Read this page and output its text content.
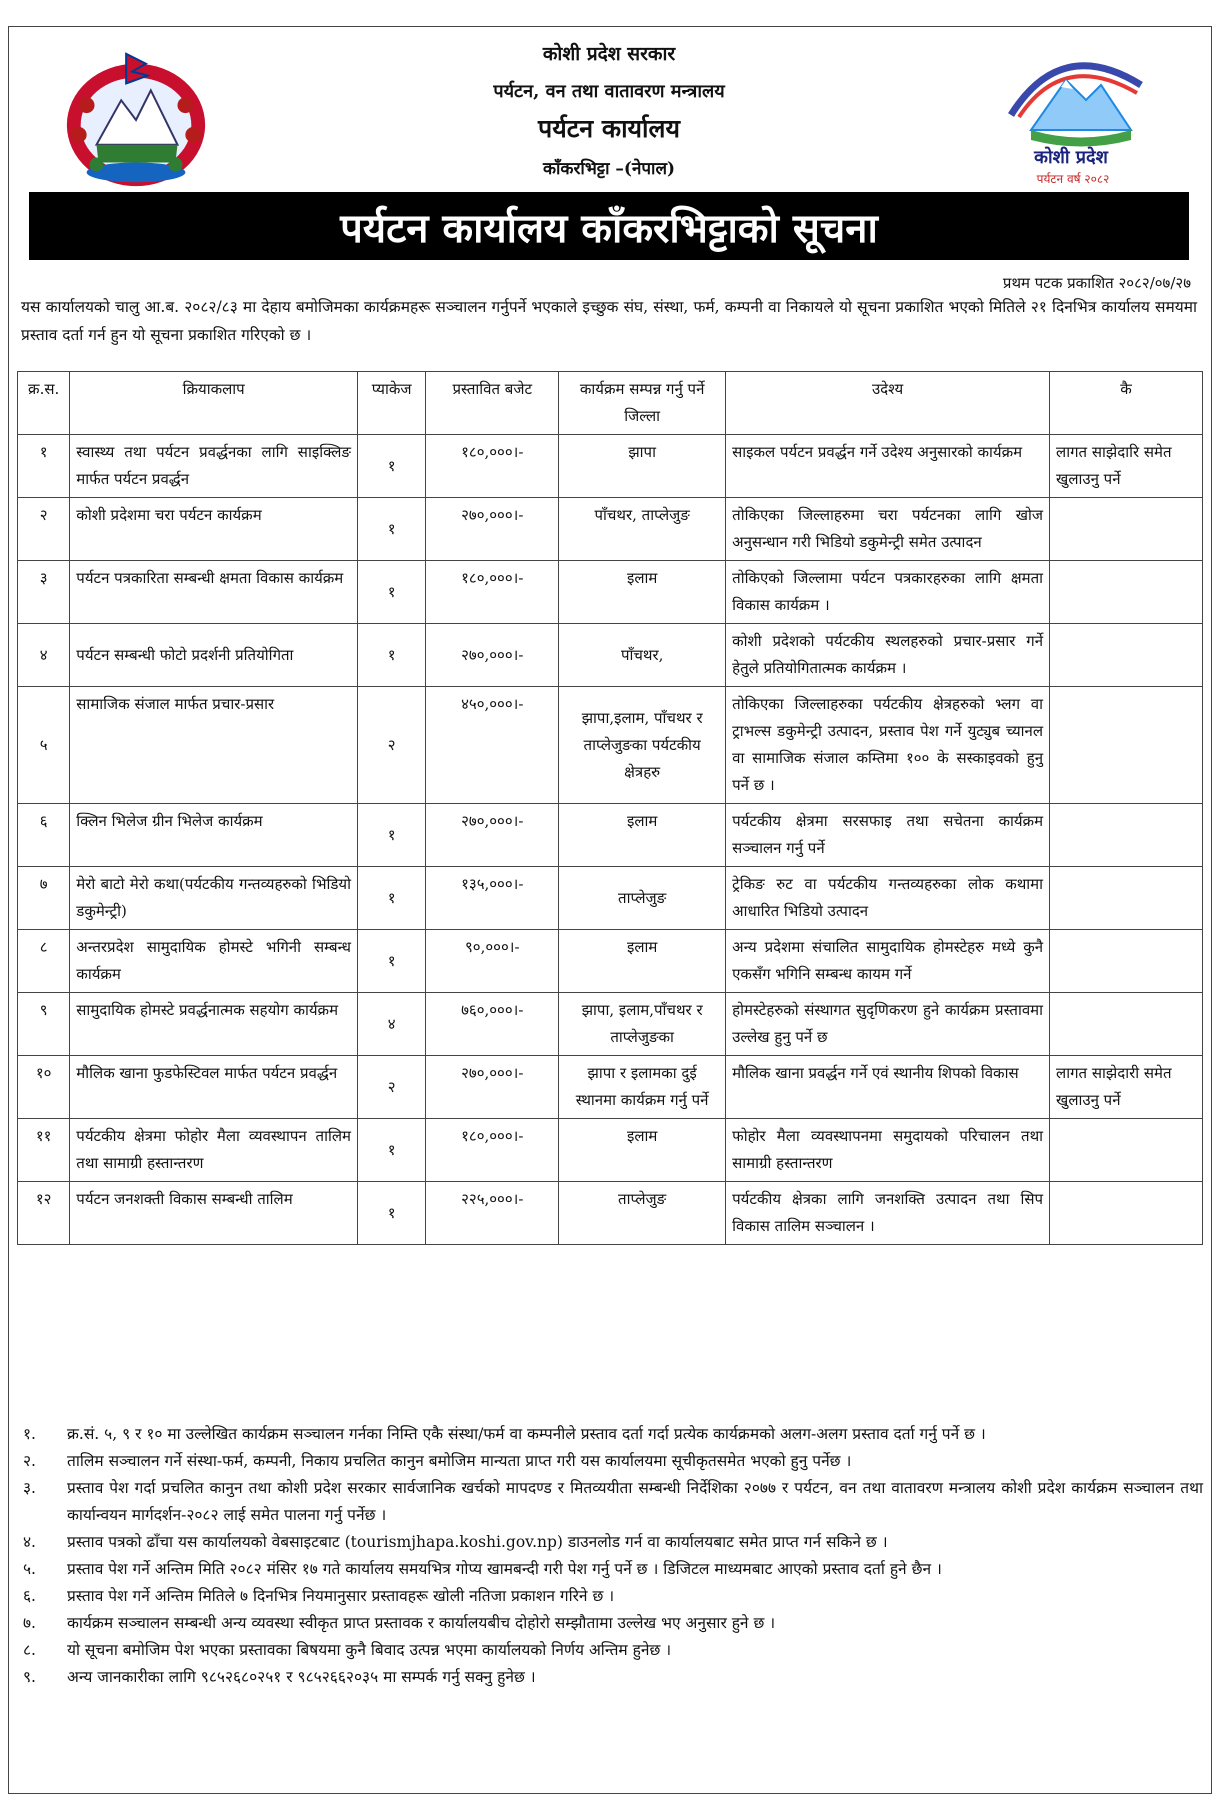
कोशी प्रदेश सरकार
पर्यटन, वन तथा वातावरण मन्त्रालय
पर्यटन कार्यालय
काँकरभिट्टा –(नेपाल)
कोशी प्रदेश
पर्यटन वर्ष २०८२
पर्यटन कार्यालय काँकरभिट्टाको सूचना
प्रथम पटक प्रकाशित २०८२/०७/२७
यस कार्यालयको चालु आ.ब. २०८२/८३ मा देहाय बमोजिमका कार्यक्रमहरू सञ्चालन गर्नुपर्ने भएकाले इच्छुक संघ, संस्था, फर्म, कम्पनी वा निकायले यो सूचना प्रकाशित भएको मितिले २१ दिनभित्र कार्यालय समयमा प्रस्ताव दर्ता गर्न हुन यो सूचना प्रकाशित गरिएको छ ।
क्र.स.	क्रियाकलाप	प्याकेज	प्रस्तावित बजेट	कार्यक्रम सम्पन्न गर्नु पर्ने जिल्ला	उदेश्य	कै
१	स्वास्थ्य तथा पर्यटन प्रवर्द्धनका लागि साइक्लिङ मार्फत पर्यटन प्रवर्द्धन	१	१८०,०००।-	झापा	साइकल पर्यटन प्रवर्द्धन गर्ने उदेश्य अनुसारको कार्यक्रम	लागत साझेदारि समेत खुलाउनु पर्ने
२	कोशी प्रदेशमा चरा पर्यटन कार्यक्रम	१	२७०,०००।-	पाँचथर, ताप्लेजुङ	तोकिएका जिल्लाहरुमा चरा पर्यटनका लागि खोज अनुसन्धान गरी भिडियो डकुमेन्ट्री समेत उत्पादन	
३	पर्यटन पत्रकारिता सम्बन्धी क्षमता विकास कार्यक्रम	१	१८०,०००।-	इलाम	तोकिएको जिल्लामा पर्यटन पत्रकारहरुका लागि क्षमता विकास कार्यक्रम ।	
४	पर्यटन सम्बन्धी फोटो प्रदर्शनी प्रतियोगिता	१	२७०,०००।-	पाँचथर,	कोशी प्रदेशको पर्यटकीय स्थलहरुको प्रचार-प्रसार गर्ने हेतुले प्रतियोगितात्मक कार्यक्रम ।	
५	सामाजिक संजाल मार्फत प्रचार-प्रसार	२	४५०,०००।-	झापा,इलाम, पाँचथर र ताप्लेजुङका पर्यटकीय क्षेत्रहरु	तोकिएका जिल्लाहरुका पर्यटकीय क्षेत्रहरुको भ्लग वा ट्राभल्स डकुमेन्ट्री उत्पादन, प्रस्ताव पेश गर्ने युट्युब च्यानल वा सामाजिक संजाल कम्तिमा १०० के सस्काइवको हुनु पर्ने छ ।	
६	क्लिन भिलेज ग्रीन भिलेज कार्यक्रम	१	२७०,०००।-	इलाम	पर्यटकीय क्षेत्रमा सरसफाइ तथा सचेतना कार्यक्रम सञ्चालन गर्नु पर्ने	
७	मेरो बाटो मेरो कथा(पर्यटकीय गन्तव्यहरुको भिडियो डकुमेन्ट्री)	१	१३५,०००।-	ताप्लेजुङ	ट्रेकिङ रुट वा पर्यटकीय गन्तव्यहरुका लोक कथामा आधारित भिडियो उत्पादन	
८	अन्तरप्रदेश सामुदायिक होमस्टे भगिनी सम्बन्ध कार्यक्रम	१	९०,०००।-	इलाम	अन्य प्रदेशमा संचालित सामुदायिक होमस्टेहरु मध्ये कुनै एकसँग भगिनि सम्बन्ध कायम गर्ने	
९	सामुदायिक होमस्टे प्रवर्द्धनात्मक सहयोग कार्यक्रम	४	७६०,०००।-	झापा, इलाम,पाँचथर र ताप्लेजुङका	होमस्टेहरुको संस्थागत सुदृणिकरण हुने कार्यक्रम प्रस्तावमा उल्लेख हुनु पर्ने छ	
१०	मौलिक खाना फुडफेस्टिवल मार्फत पर्यटन प्रवर्द्धन	२	२७०,०००।-	झापा र इलामका दुई स्थानमा कार्यक्रम गर्नु पर्ने	मौलिक खाना प्रवर्द्धन गर्ने एवं स्थानीय शिपको विकास	लागत साझेदारी समेत खुलाउनु पर्ने
११	पर्यटकीय क्षेत्रमा फोहोर मैला व्यवस्थापन तालिम तथा सामाग्री हस्तान्तरण	१	१८०,०००।-	इलाम	फोहोर मैला व्यवस्थापनमा समुदायको परिचालन तथा सामाग्री हस्तान्तरण	
१२	पर्यटन जनशक्ती विकास सम्बन्धी तालिम	१	२२५,०००।-	ताप्लेजुङ	पर्यटकीय क्षेत्रका लागि जनशक्ति उत्पादन तथा सिप विकास तालिम सञ्चालन ।	
१.	क्र.सं. ५, ९ र १० मा उल्लेखित कार्यक्रम सञ्चालन गर्नका निम्ति एकै संस्था/फर्म वा कम्पनीले प्रस्ताव दर्ता गर्दा प्रत्येक कार्यक्रमको अलग-अलग प्रस्ताव दर्ता गर्नु पर्ने छ ।
२.	तालिम सञ्चालन गर्ने संस्था-फर्म, कम्पनी, निकाय प्रचलित कानुन बमोजिम मान्यता प्राप्त गरी यस कार्यालयमा सूचीकृतसमेत भएको हुनु पर्नेछ ।
३.	प्रस्ताव पेश गर्दा प्रचलित कानुन तथा कोशी प्रदेश सरकार सार्वजानिक खर्चको मापदण्ड र मितव्ययीता सम्बन्धी निर्देशिका २०७७ र पर्यटन, वन तथा वातावरण मन्त्रालय कोशी प्रदेश कार्यक्रम सञ्चालन तथा कार्यान्वयन मार्गदर्शन-२०८२ लाई समेत पालना गर्नु पर्नेछ ।
४.	प्रस्ताव पत्रको ढाँचा यस कार्यालयको वेबसाइटबाट (tourismjhapa.koshi.gov.np) डाउनलोड गर्न वा कार्यालयबाट समेत प्राप्त गर्न सकिने छ ।
५.	प्रस्ताव पेश गर्ने अन्तिम मिति २०८२ मंसिर १७ गते कार्यालय समयभित्र गोप्य खामबन्दी गरी पेश गर्नु पर्ने छ । डिजिटल माध्यमबाट आएको प्रस्ताव दर्ता हुने छैन ।
६.	प्रस्ताव पेश गर्ने अन्तिम मितिले ७ दिनभित्र नियमानुसार प्रस्तावहरू खोली नतिजा प्रकाशन गरिने छ ।
७.	कार्यक्रम सञ्चालन सम्बन्धी अन्य व्यवस्था स्वीकृत प्राप्त प्रस्तावक र कार्यालयबीच दोहोरो सम्झौतामा उल्लेख भए अनुसार हुने छ ।
८.	यो सूचना बमोजिम पेश भएका प्रस्तावका बिषयमा कुनै बिवाद उत्पन्न भएमा कार्यालयको निर्णय अन्तिम हुनेछ ।
९.	अन्य जानकारीका लागि ९८५२६८०२५१ र ९८५२६६२०३५ मा सम्पर्क गर्नु सक्नु हुनेछ ।
